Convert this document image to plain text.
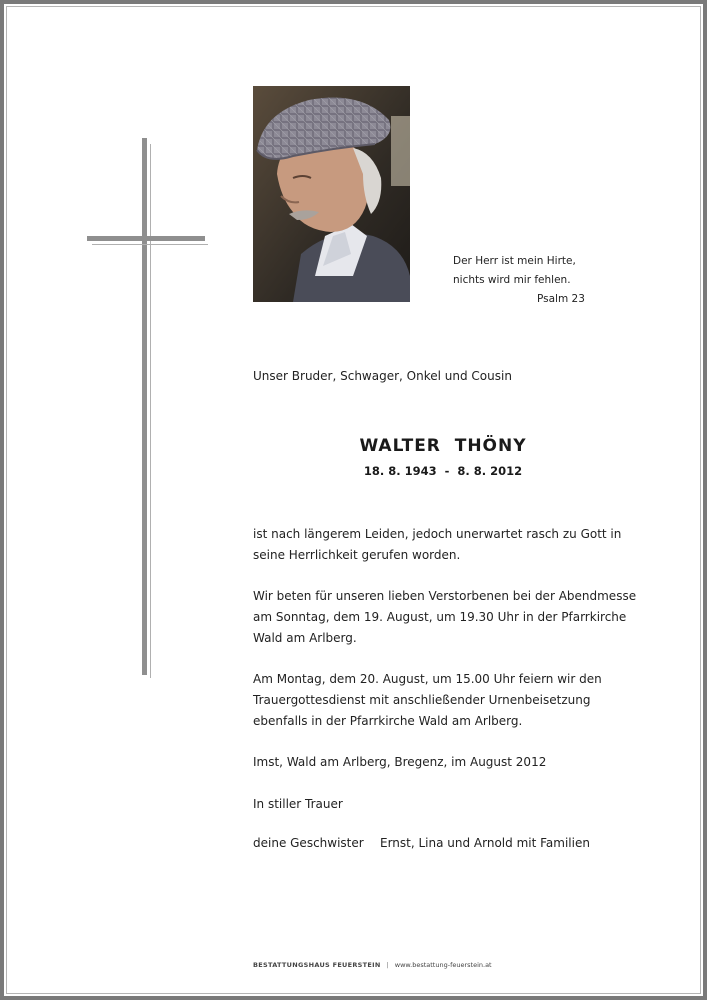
Der Herr ist mein Hirte,
nichts wird mir fehlen.
Psalm 23
Unser Bruder, Schwager, Onkel und Cousin
WALTER  THÖNY
18. 8. 1943  -  8. 8. 2012
ist nach längerem Leiden, jedoch unerwartet rasch zu Gott in seine Herrlichkeit gerufen worden.
Wir beten für unseren lieben Verstorbenen bei der Abendmesse am Sonntag, dem 19. August, um 19.30 Uhr in der Pfarrkirche Wald am Arlberg.
Am Montag, dem 20. August, um 15.00 Uhr feiern wir den Trauergottesdienst mit anschließender Urnenbeisetzung ebenfalls in der Pfarrkirche Wald am Arlberg.
Imst, Wald am Arlberg, Bregenz, im August 2012
In stiller Trauer
deine Geschwister Ernst, Lina und Arnold mit Familien
BESTATTUNGSHAUS FEUERSTEIN | www.bestattung-feuerstein.at
